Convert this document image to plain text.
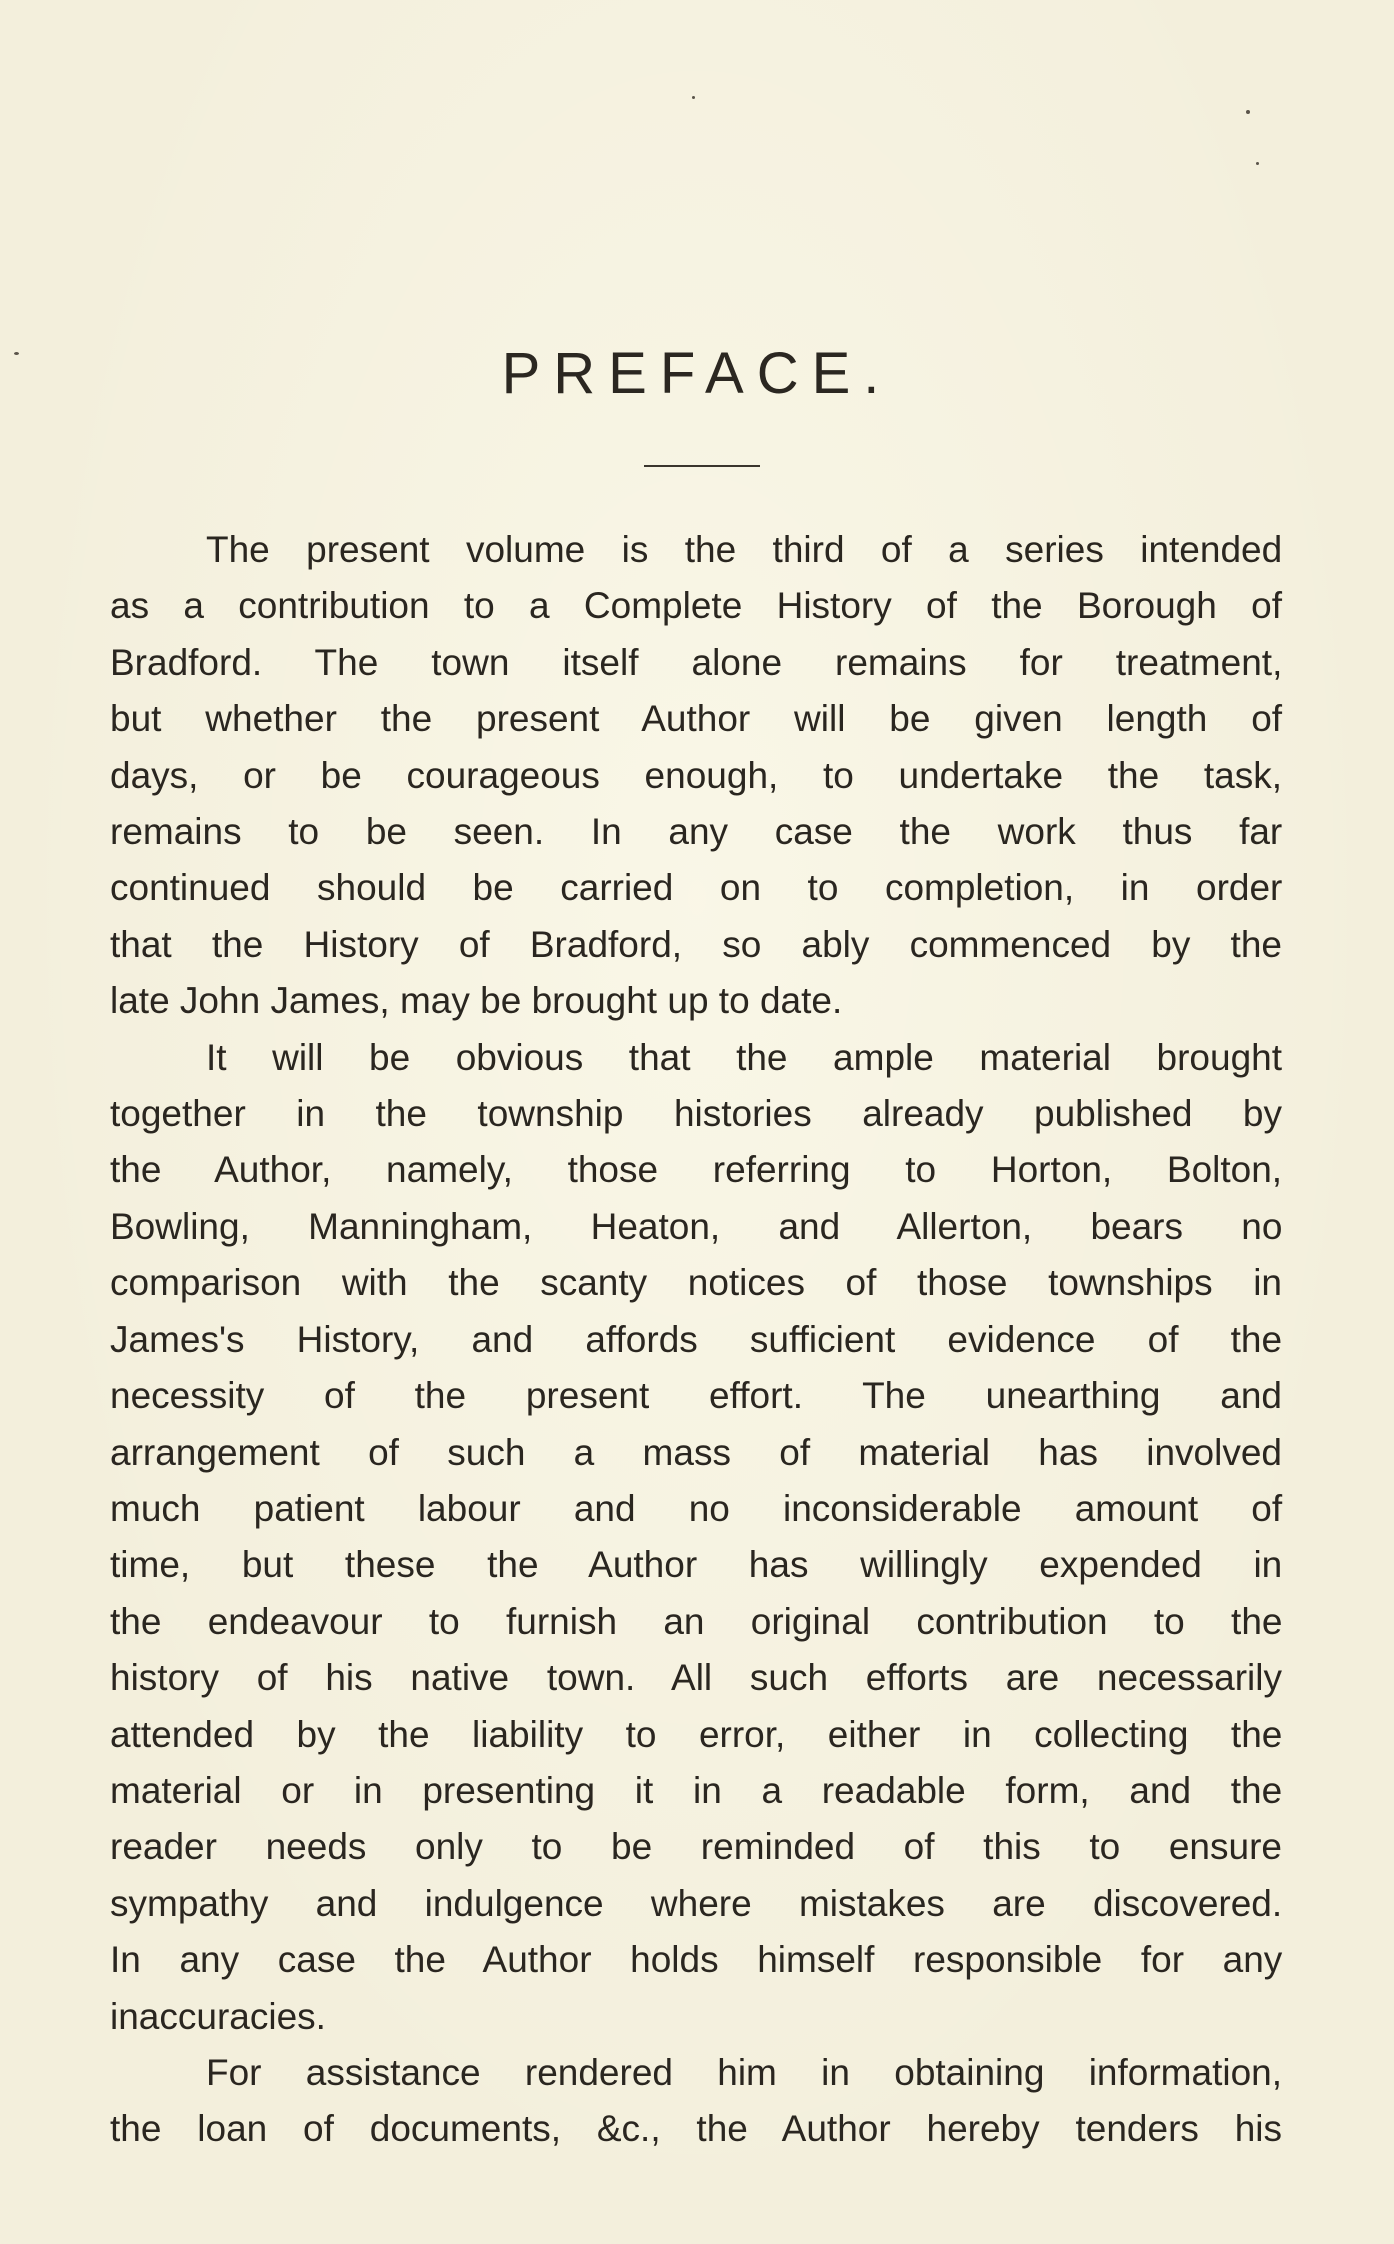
PREFACE.
The present volume is the third of a series intended
as a contribution to a Complete History of the Borough of
Bradford. The town itself alone remains for treatment,
but whether the present Author will be given length of
days, or be courageous enough, to undertake the task,
remains to be seen. In any case the work thus far
continued should be carried on to completion, in order
that the History of Bradford, so ably commenced by the
late John James, may be brought up to date.
It will be obvious that the ample material brought
together in the township histories already published by
the Author, namely, those referring to Horton, Bolton,
Bowling, Manningham, Heaton, and Allerton, bears no
comparison with the scanty notices of those townships in
James's History, and affords sufficient evidence of the
necessity of the present effort. The unearthing and
arrangement of such a mass of material has involved
much patient labour and no inconsiderable amount of
time, but these the Author has willingly expended in
the endeavour to furnish an original contribution to the
history of his native town. All such efforts are necessarily
attended by the liability to error, either in collecting the
material or in presenting it in a readable form, and the
reader needs only to be reminded of this to ensure
sympathy and indulgence where mistakes are discovered.
In any case the Author holds himself responsible for any
inaccuracies.
For assistance rendered him in obtaining information,
the loan of documents, &c., the Author hereby tenders his
